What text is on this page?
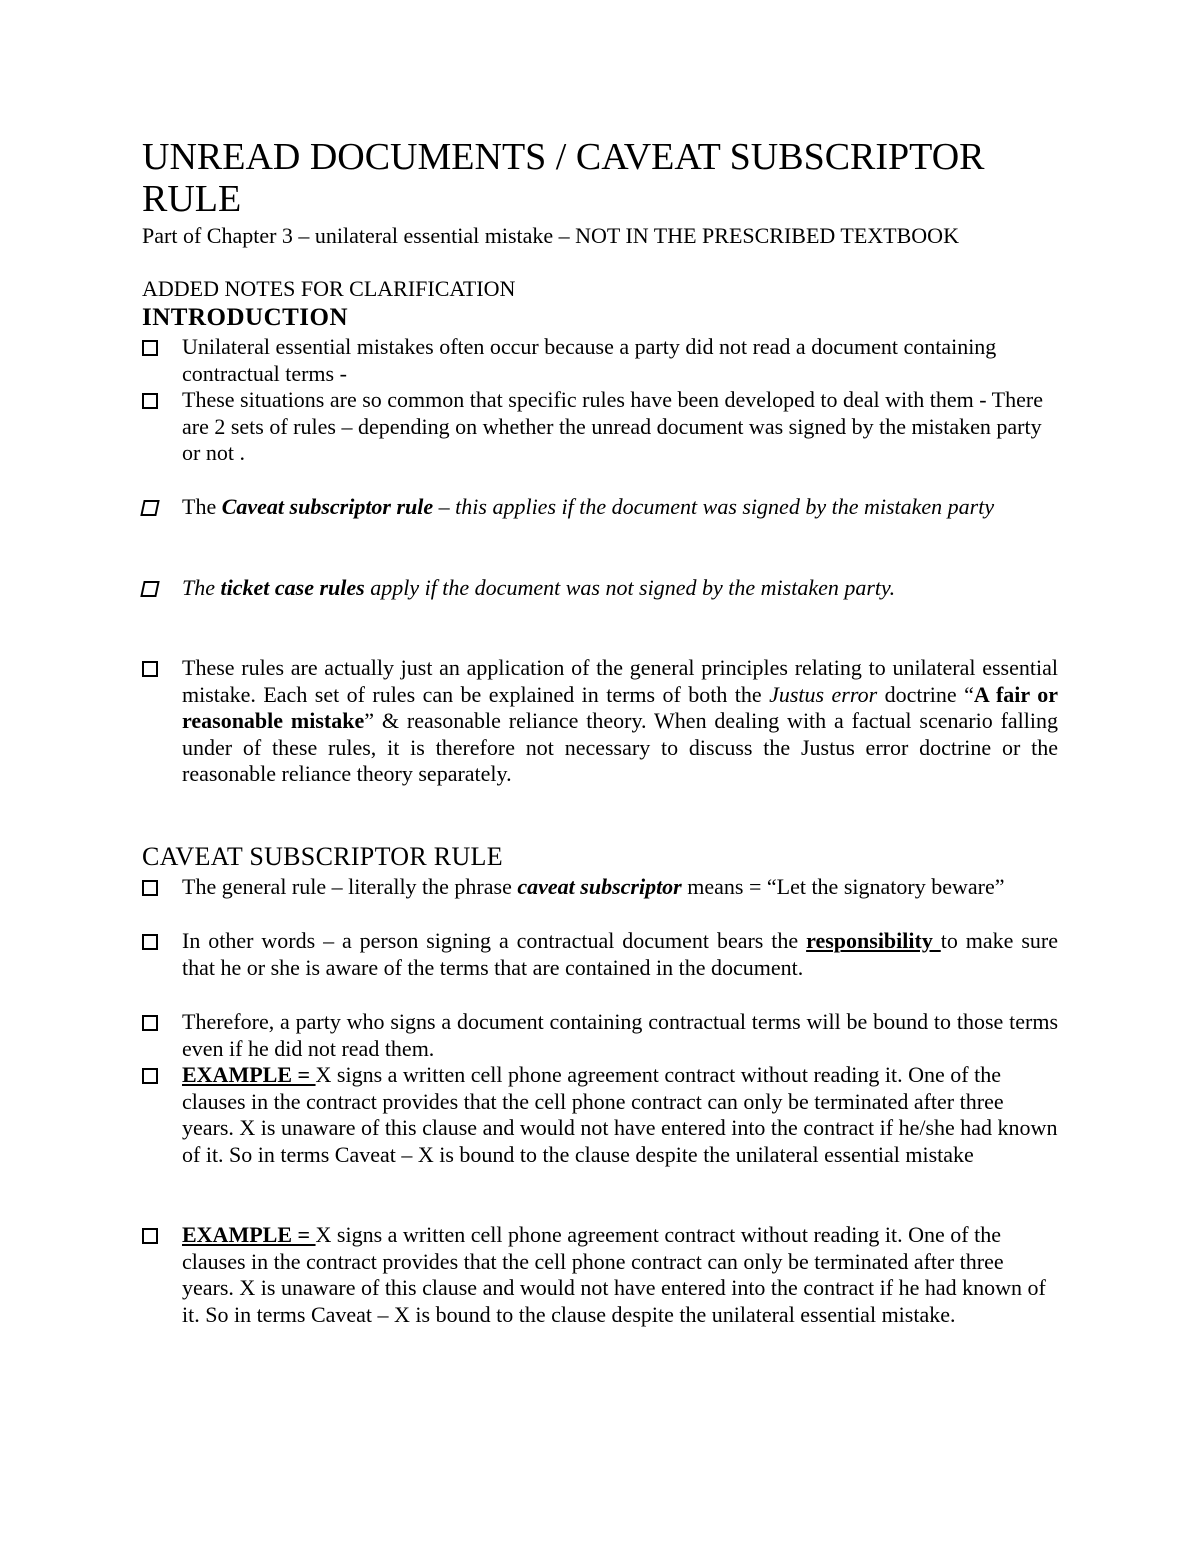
UNREAD DOCUMENTS / CAVEAT SUBSCRIPTOR RULE
Part of Chapter 3 – unilateral essential mistake – NOT IN THE PRESCRIBED TEXTBOOK
ADDED NOTES FOR CLARIFICATION
INTRODUCTION
Unilateral essential mistakes often occur because a party did not read a document containing contractual terms -
These situations are so common that specific rules have been developed to deal with them - There are 2 sets of rules – depending on whether the unread document was signed by the mistaken party or not .
The Caveat subscriptor rule – this applies if the document was signed by the mistaken party
The ticket case rules apply if the document was not signed by the mistaken party.
These rules are actually just an application of the general principles relating to unilateral essential mistake. Each set of rules can be explained in terms of both the Justus error doctrine “A fair or reasonable mistake” & reasonable reliance theory. When dealing with a factual scenario falling under of these rules, it is therefore not necessary to discuss the Justus error doctrine or the reasonable reliance theory separately.
CAVEAT SUBSCRIPTOR RULE
The general rule – literally the phrase caveat subscriptor means = “Let the signatory beware”
In other words – a person signing a contractual document bears the responsibility to make sure that he or she is aware of the terms that are contained in the document.
Therefore, a party who signs a document containing contractual terms will be bound to those terms even if he did not read them.
EXAMPLE = X signs a written cell phone agreement contract without reading it. One of the clauses in the contract provides that the cell phone contract can only be terminated after three years. X is unaware of this clause and would not have entered into the contract if he/she had known of it. So in terms Caveat – X is bound to the clause despite the unilateral essential mistake
EXAMPLE = X signs a written cell phone agreement contract without reading it. One of the clauses in the contract provides that the cell phone contract can only be terminated after three years. X is unaware of this clause and would not have entered into the contract if he had known of it. So in terms Caveat – X is bound to the clause despite the unilateral essential mistake.
